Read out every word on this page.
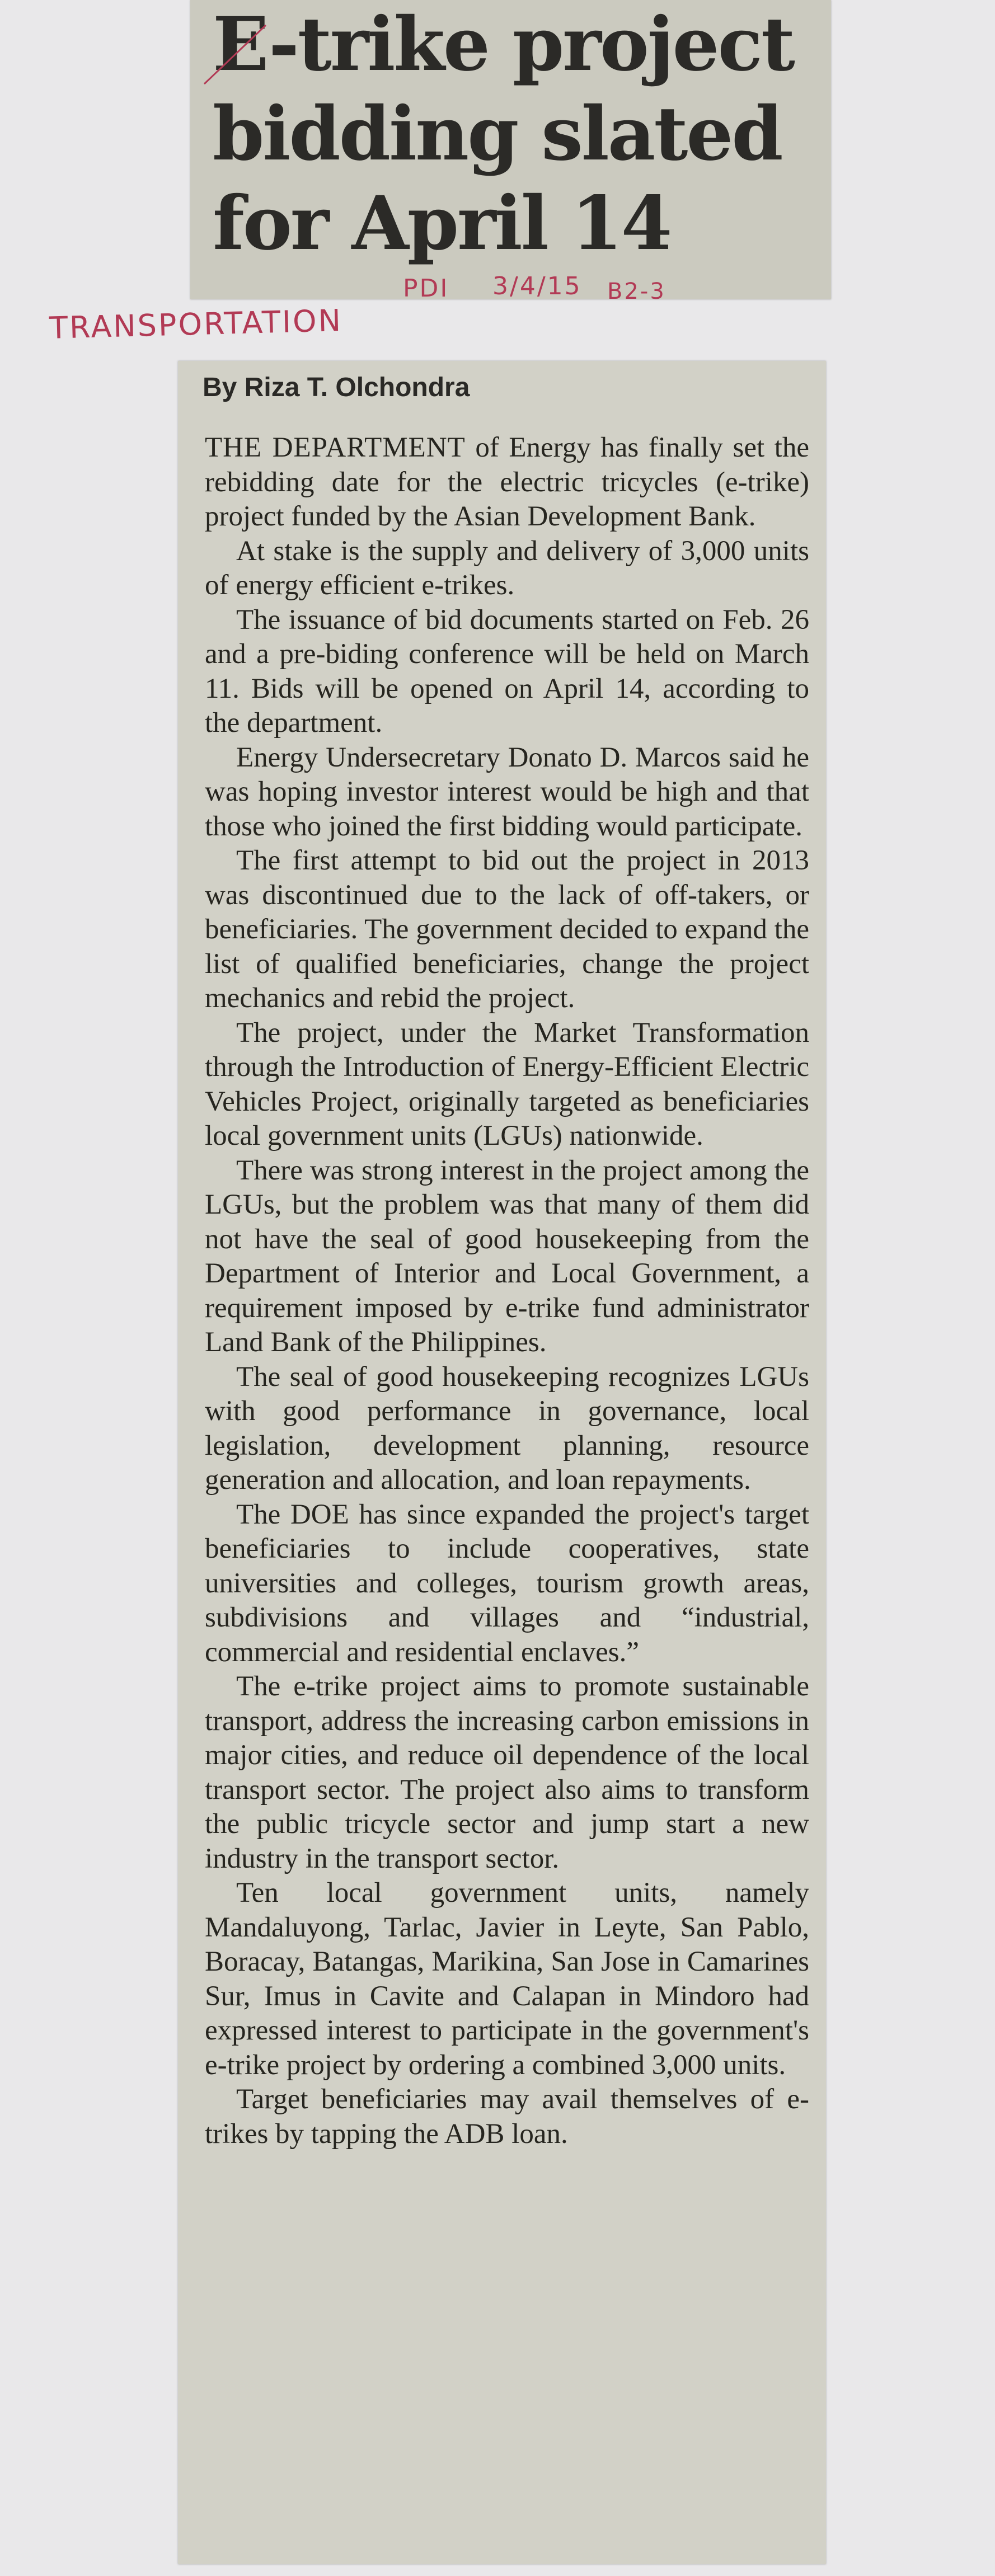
E-trike project
bidding slated
for April 14
PDI 3/4/15 B2-3
TRANSPORTATION

By Riza T. Olchondra

THE DEPARTMENT of Energy has finally set the rebidding date for the electric tricycles (e-trike) project funded by the Asian Development Bank.

At stake is the supply and delivery of 3,000 units of energy efficient e-trikes.

The issuance of bid documents started on Feb. 26 and a pre-biding conference will be held on March 11. Bids will be opened on April 14, according to the department.

Energy Undersecretary Donato D. Marcos said he was hoping investor interest would be high and that those who joined the first bidding would participate.

The first attempt to bid out the project in 2013 was discontinued due to the lack of off-takers, or beneficiaries. The government decided to expand the list of qualified beneficiaries, change the project mechanics and rebid the project.

The project, under the Market Transformation through the Introduction of Energy-Efficient Electric Vehicles Project, originally targeted as beneficiaries local government units (LGUs) nationwide.

There was strong interest in the project among the LGUs, but the problem was that many of them did not have the seal of good housekeeping from the Department of Interior and Local Government, a requirement imposed by e-trike fund administrator Land Bank of the Philippines.

The seal of good housekeeping recognizes LGUs with good performance in governance, local legislation, development planning, resource generation and allocation, and loan repayments.

The DOE has since expanded the project's target beneficiaries to include cooperatives, state universities and colleges, tourism growth areas, subdivisions and villages and “industrial, commercial and residential enclaves.”

The e-trike project aims to promote sustainable transport, address the increasing carbon emissions in major cities, and reduce oil dependence of the local transport sector. The project also aims to transform the public tricycle sector and jump start a new industry in the transport sector.

Ten local government units, namely Mandaluyong, Tarlac, Javier in Leyte, San Pablo, Boracay, Batangas, Marikina, San Jose in Camarines Sur, Imus in Cavite and Calapan in Mindoro had expressed interest to participate in the government's e-trike project by ordering a combined 3,000 units.

Target beneficiaries may avail themselves of e-trikes by tapping the ADB loan.
